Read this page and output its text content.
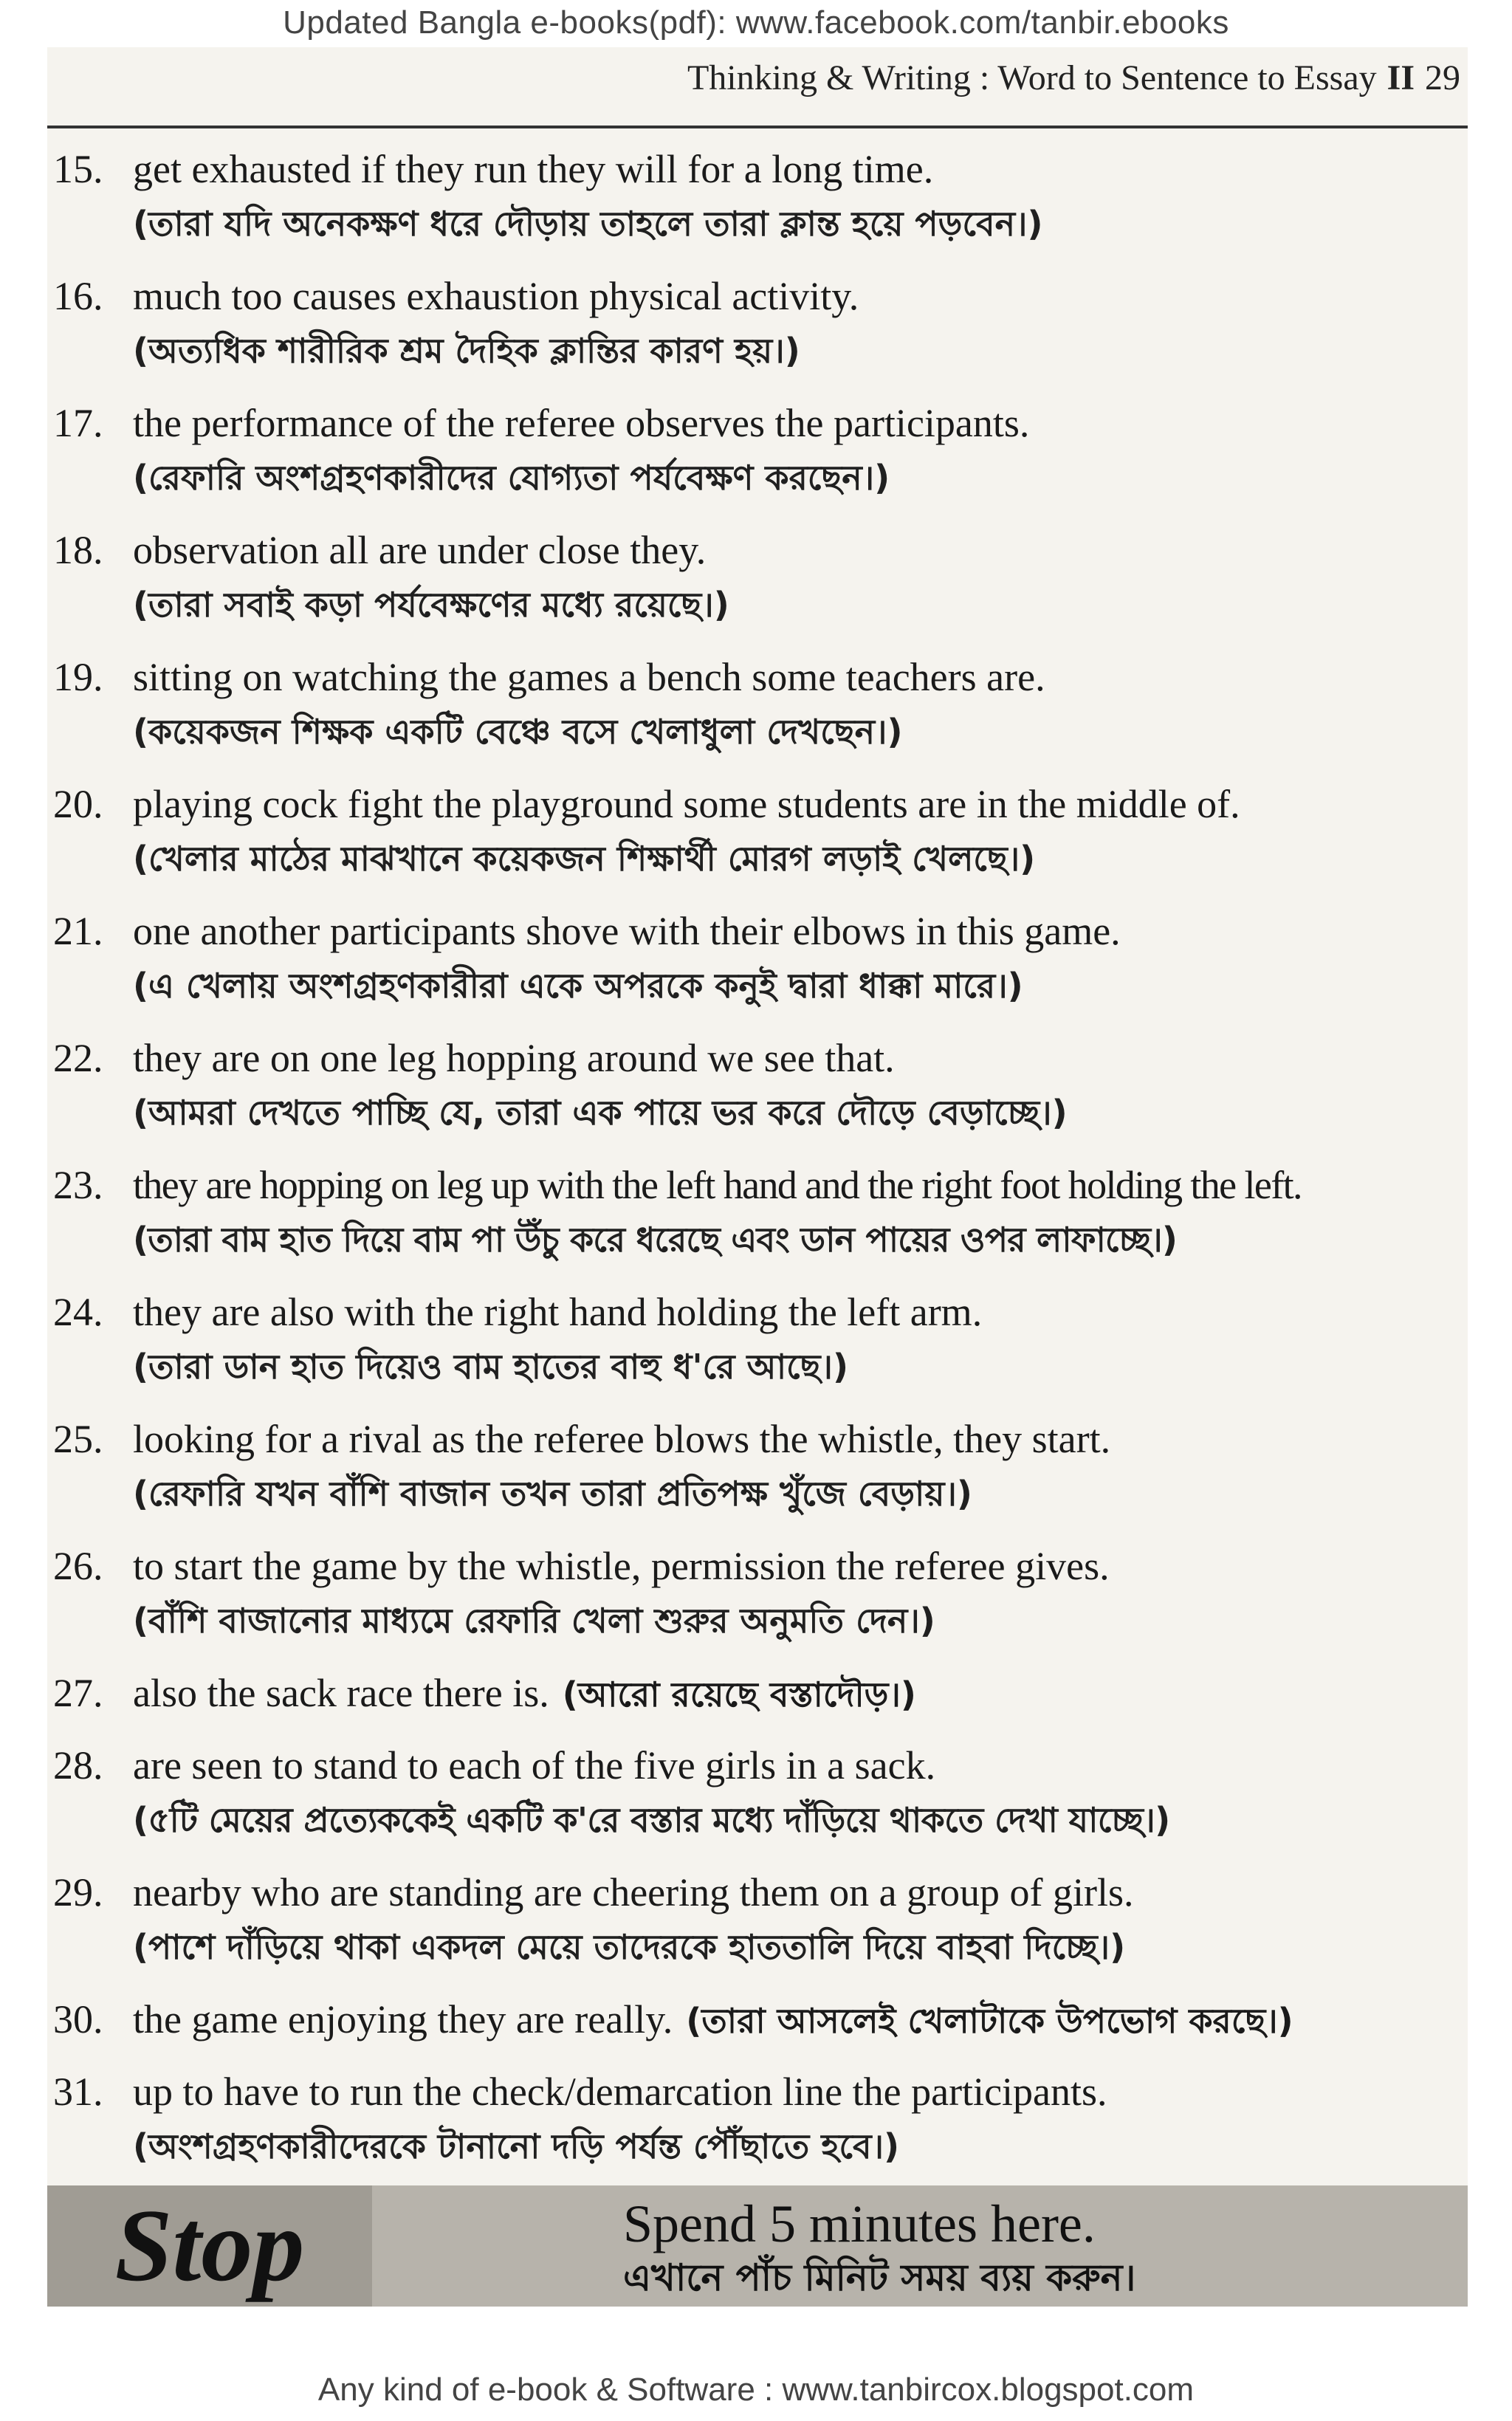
Updated Bangla e-books(pdf): www.facebook.com/tanbir.ebooks
Thinking & Writing : Word to Sentence to Essay II 29
15. get exhausted if they run they will for a long time.
(তারা যদি অনেকক্ষণ ধরে দৌড়ায় তাহলে তারা ক্লান্ত হয়ে পড়বেন।)
16. much too causes exhaustion physical activity.
(অত্যধিক শারীরিক শ্রম দৈহিক ক্লান্তির কারণ হয়।)
17. the performance of the referee observes the participants.
(রেফারি অংশগ্রহণকারীদের যোগ্যতা পর্যবেক্ষণ করছেন।)
18. observation all are under close they.
(তারা সবাই কড়া পর্যবেক্ষণের মধ্যে রয়েছে।)
19. sitting on watching the games a bench some teachers are.
(কয়েকজন শিক্ষক একটি বেঞ্চে বসে খেলাধুলা দেখছেন।)
20. playing cock fight the playground some students are in the middle of.
(খেলার মাঠের মাঝখানে কয়েকজন শিক্ষার্থী মোরগ লড়াই খেলছে।)
21. one another participants shove with their elbows in this game.
(এ খেলায় অংশগ্রহণকারীরা একে অপরকে কনুই দ্বারা ধাক্কা মারে।)
22. they are on one leg hopping around we see that.
(আমরা দেখতে পাচ্ছি যে, তারা এক পায়ে ভর করে দৌড়ে বেড়াচ্ছে।)
23. they are hopping on leg up with the left hand and the right foot holding the left.
(তারা বাম হাত দিয়ে বাম পা উঁচু করে ধরেছে এবং ডান পায়ের ওপর লাফাচ্ছে।)
24. they are also with the right hand holding the left arm.
(তারা ডান হাত দিয়েও বাম হাতের বাহু ধ'রে আছে।)
25. looking for a rival as the referee blows the whistle, they start.
(রেফারি যখন বাঁশি বাজান তখন তারা প্রতিপক্ষ খুঁজে বেড়ায়।)
26. to start the game by the whistle, permission the referee gives.
(বাঁশি বাজানোর মাধ্যমে রেফারি খেলা শুরুর অনুমতি দেন।)
27. also the sack race there is. (আরো রয়েছে বস্তাদৌড়।)
28. are seen to stand to each of the five girls in a sack.
(৫টি মেয়ের প্রত্যেককেই একটি ক'রে বস্তার মধ্যে দাঁড়িয়ে থাকতে দেখা যাচ্ছে।)
29. nearby who are standing are cheering them on a group of girls.
(পাশে দাঁড়িয়ে থাকা একদল মেয়ে তাদেরকে হাততালি দিয়ে বাহবা দিচ্ছে।)
30. the game enjoying they are really. (তারা আসলেই খেলাটাকে উপভোগ করছে।)
31. up to have to run the check/demarcation line the participants.
(অংশগ্রহণকারীদেরকে টানানো দড়ি পর্যন্ত পৌঁছাতে হবে।)
Stop	Spend 5 minutes here.
এখানে পাঁচ মিনিট সময় ব্যয় করুন।
Any kind of e-book & Software : www.tanbircox.blogspot.com
